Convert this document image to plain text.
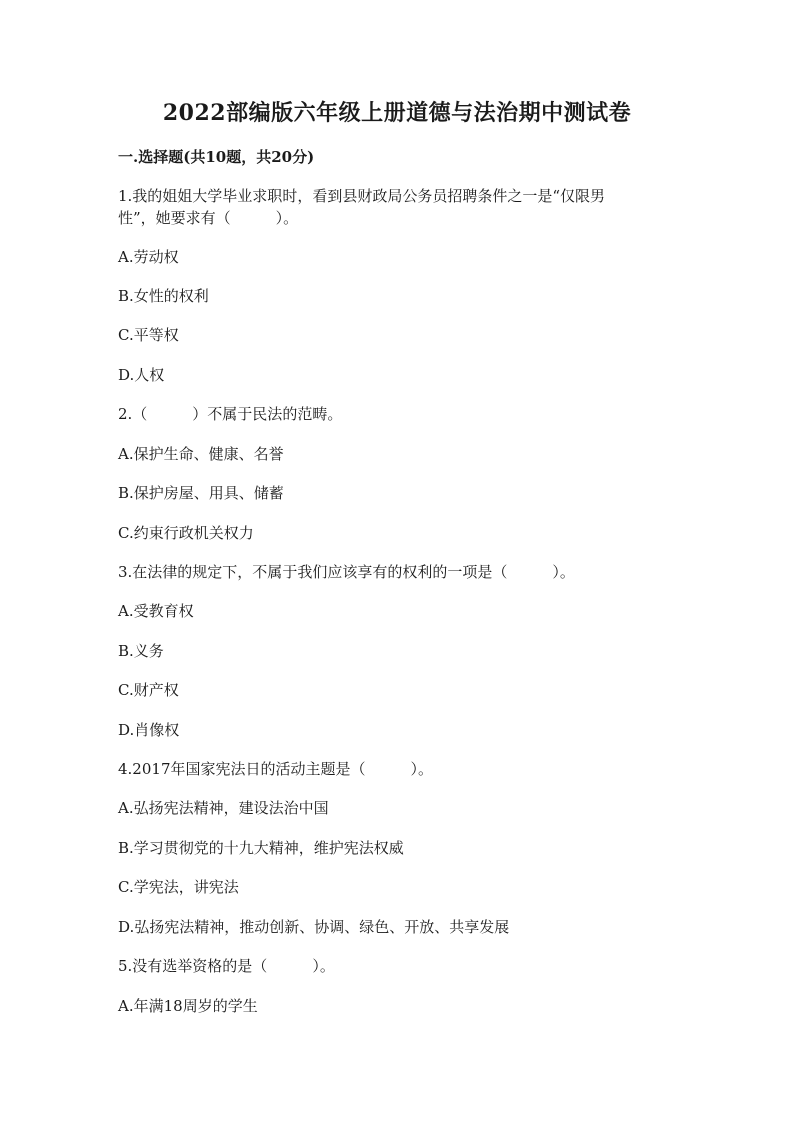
2022部编版六年级上册道德与法治期中测试卷
一.选择题(共10题，共20分)
1.我的姐姐大学毕业求职时，看到县财政局公务员招聘条件之一是“仅限男
性”，她要求有（　　　）。
A.劳动权
B.女性的权利
C.平等权
D.人权
2.（　　　）不属于民法的范畴。
A.保护生命、健康、名誉
B.保护房屋、用具、储蓄
C.约束行政机关权力
3.在法律的规定下，不属于我们应该享有的权利的一项是（　　　）。
A.受教育权
B.义务
C.财产权
D.肖像权
4.2017年国家宪法日的活动主题是（　　　）。
A.弘扬宪法精神，建设法治中国
B.学习贯彻党的十九大精神，维护宪法权威
C.学宪法，讲宪法
D.弘扬宪法精神，推动创新、协调、绿色、开放、共享发展
5.没有选举资格的是（　　　）。
A.年满18周岁的学生
